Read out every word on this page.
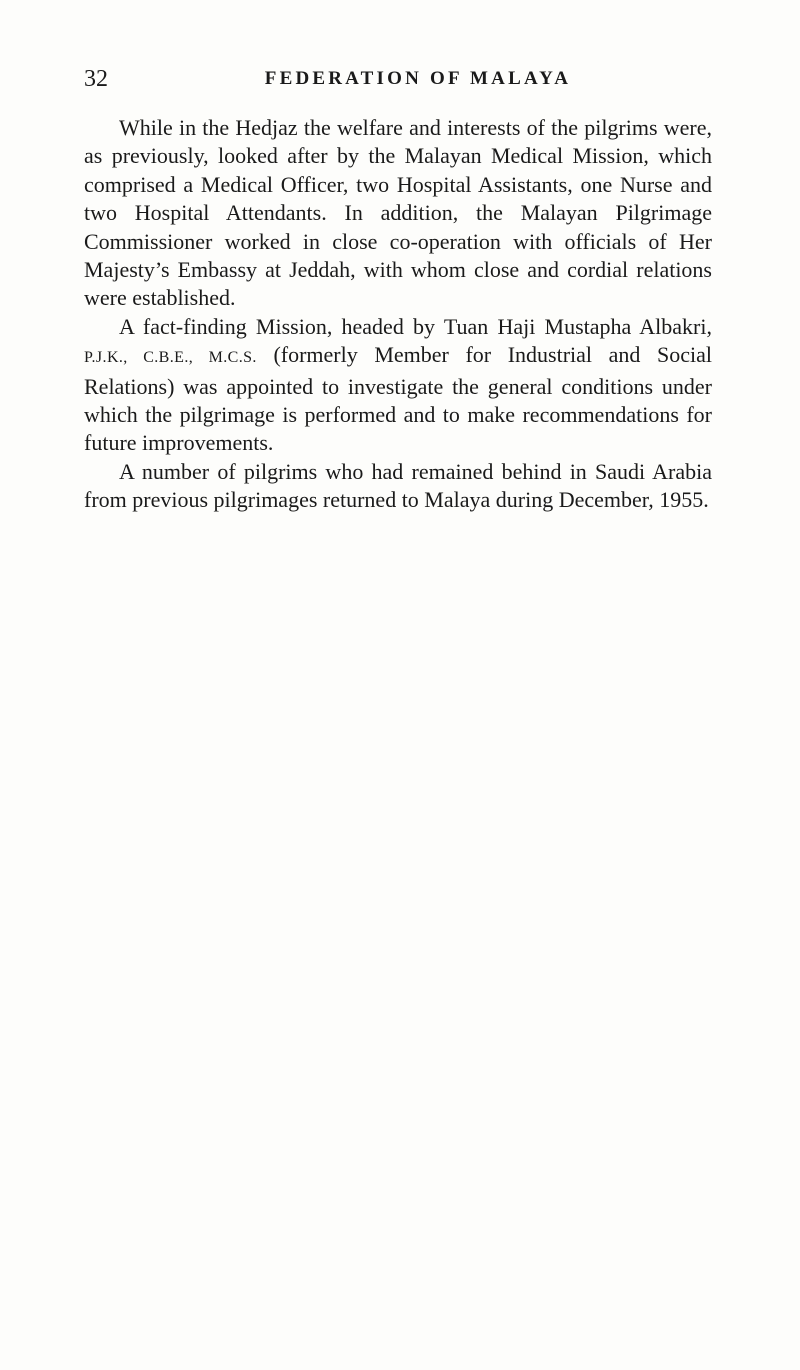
32	FEDERATION OF MALAYA

While in the Hedjaz the welfare and interests of the pilgrims were, as previously, looked after by the Malayan Medical Mission, which comprised a Medical Officer, two Hospital Assistants, one Nurse and two Hospital Attendants. In addition, the Malayan Pilgrimage Commissioner worked in close co-operation with officials of Her Majesty’s Embassy at Jeddah, with whom close and cordial relations were established.

A fact-finding Mission, headed by Tuan Haji Mustapha Albakri, P.J.K., C.B.E., M.C.S. (formerly Member for Industrial and Social Relations) was appointed to investigate the general conditions under which the pilgrimage is performed and to make recommendations for future improvements.

A number of pilgrims who had remained behind in Saudi Arabia from previous pilgrimages returned to Malaya during December, 1955.
